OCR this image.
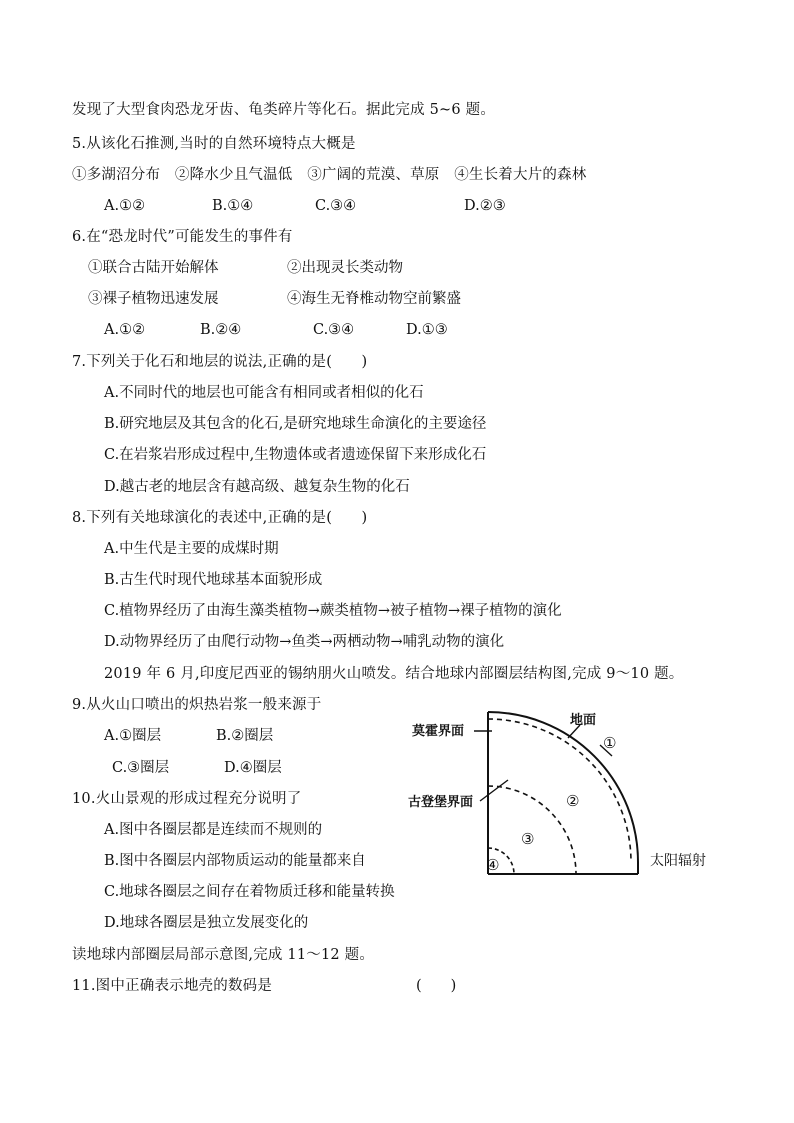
发现了大型食肉恐龙牙齿、龟类碎片等化石。据此完成 5~6 题。
5.从该化石推测,当时的自然环境特点大概是
①多湖沼分布　②降水少且气温低　③广阔的荒漠、草原　④生长着大片的森林
A.①②	B.①④	C.③④	D.②③
6.在“恐龙时代”可能发生的事件有
①联合古陆开始解体	②出现灵长类动物
③裸子植物迅速发展	④海生无脊椎动物空前繁盛
A.①②	B.②④	C.③④	D.①③
7.下列关于化石和地层的说法,正确的是(　　)
A.不同时代的地层也可能含有相同或者相似的化石
B.研究地层及其包含的化石,是研究地球生命演化的主要途径
C.在岩浆岩形成过程中,生物遗体或者遗迹保留下来形成化石
D.越古老的地层含有越高级、越复杂生物的化石
8.下列有关地球演化的表述中,正确的是(　　)
A.中生代是主要的成煤时期
B.古生代时现代地球基本面貌形成
C.植物界经历了由海生藻类植物→蕨类植物→被子植物→裸子植物的演化
D.动物界经历了由爬行动物→鱼类→两栖动物→哺乳动物的演化
2019 年 6 月,印度尼西亚的锡纳朋火山喷发。结合地球内部圈层结构图,完成 9～10 题。
9.从火山口喷出的炽热岩浆一般来源于
A.①圈层	B.②圈层
C.③圈层	D.④圈层
10.火山景观的形成过程充分说明了
A.图中各圈层都是连续而不规则的
B.图中各圈层内部物质运动的能量都来自
C.地球各圈层之间存在着物质迁移和能量转换
D.地球各圈层是独立发展变化的
读地球内部圈层局部示意图,完成 11～12 题。
11.图中正确表示地壳的数码是	(　　)
莫霍界面
地面
①
古登堡界面	②
③
④	太阳辐射
